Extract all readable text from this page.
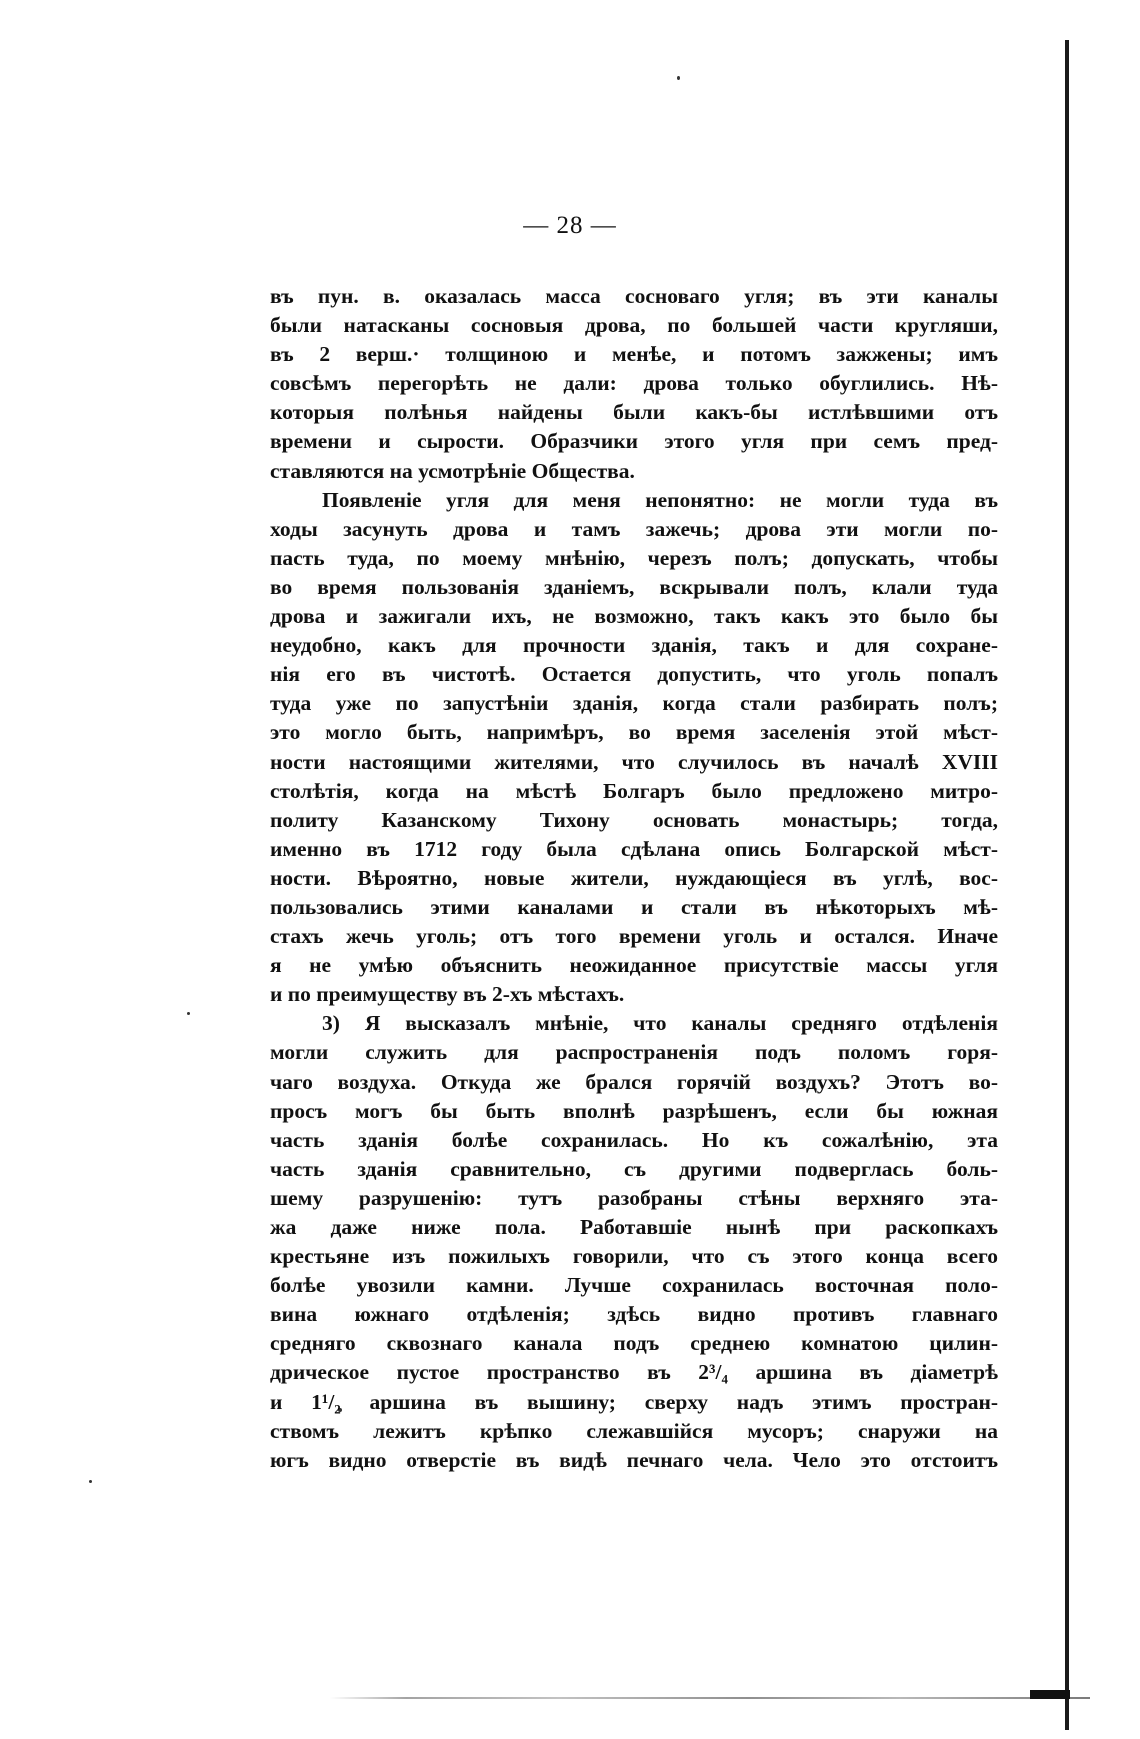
— 28 —
въ пун. в. оказалась масса сосноваго угля; въ эти каналы
были натасканы сосновыя дрова, по большей части кругляши,
въ 2 верш.· толщиною и менѣе, и потомъ зажжены; имъ
совсѣмъ перегорѣть не дали: дрова только обуглились. Нѣ-
которыя полѣнья найдены были какъ-бы истлѣвшими отъ
времени и сырости. Образчики этого угля при семъ пред-
ставляются на усмотрѣніе Общества.
Появленіе угля для меня непонятно: не могли туда въ
ходы засунуть дрова и тамъ зажечь; дрова эти могли по-
пасть туда, по моему мнѣнію, черезъ полъ; допускать, чтобы
во время пользованія зданіемъ, вскрывали полъ, клали туда
дрова и зажигали ихъ, не возможно, такъ какъ это было бы
неудобно, какъ для прочности зданія, такъ и для сохране-
нія его въ чистотѣ. Остается допустить, что уголь попалъ
туда уже по запустѣніи зданія, когда стали разбирать полъ;
это могло быть, напримѣръ, во время заселенія этой мѣст-
ности настоящими жителями, что случилось въ началѣ XVIII
столѣтія, когда на мѣстѣ Болгаръ было предложено митро-
политу Казанскому Тихону основать монастырь; тогда,
именно въ 1712 году была сдѣлана опись Болгарской мѣст-
ности. Вѣроятно, новые жители, нуждающіеся въ углѣ, вос-
пользовались этими каналами и стали въ нѣкоторыхъ мѣ-
стахъ жечь уголь; отъ того времени уголь и остался. Иначе
я не умѣю объяснить неожиданное присутствіе массы угля
и по преимуществу въ 2-хъ мѣстахъ.
3) Я высказалъ мнѣніе, что каналы средняго отдѣленія
могли служить для распространенія подъ поломъ горя-
чаго воздуха. Откуда же брался горячій воздухъ? Этотъ во-
просъ могъ бы быть вполнѣ разрѣшенъ, если бы южная
часть зданія болѣе сохранилась. Но къ сожалѣнію, эта
часть зданія сравнительно, съ другими подверглась боль-
шему разрушенію: тутъ разобраны стѣны верхняго эта-
жа даже ниже пола. Работавшіе нынѣ при раскопкахъ
крестьяне изъ пожилыхъ говорили, что съ этого конца всего
болѣе увозили камни. Лучше сохранилась восточная поло-
вина южнаго отдѣленія; здѣсь видно противъ главнаго
средняго сквознаго канала подъ среднею комнатою цилин-
дрическое пустое пространство въ 2³/₄ аршина въ діаметрѣ
и 1¹/₂ аршина въ вышину; сверху надъ этимъ простран-
ствомъ лежитъ крѣпко слежавшійся мусоръ; снаружи на
югъ видно отверстіе въ видѣ печнаго чела. Чело это отстоитъ
